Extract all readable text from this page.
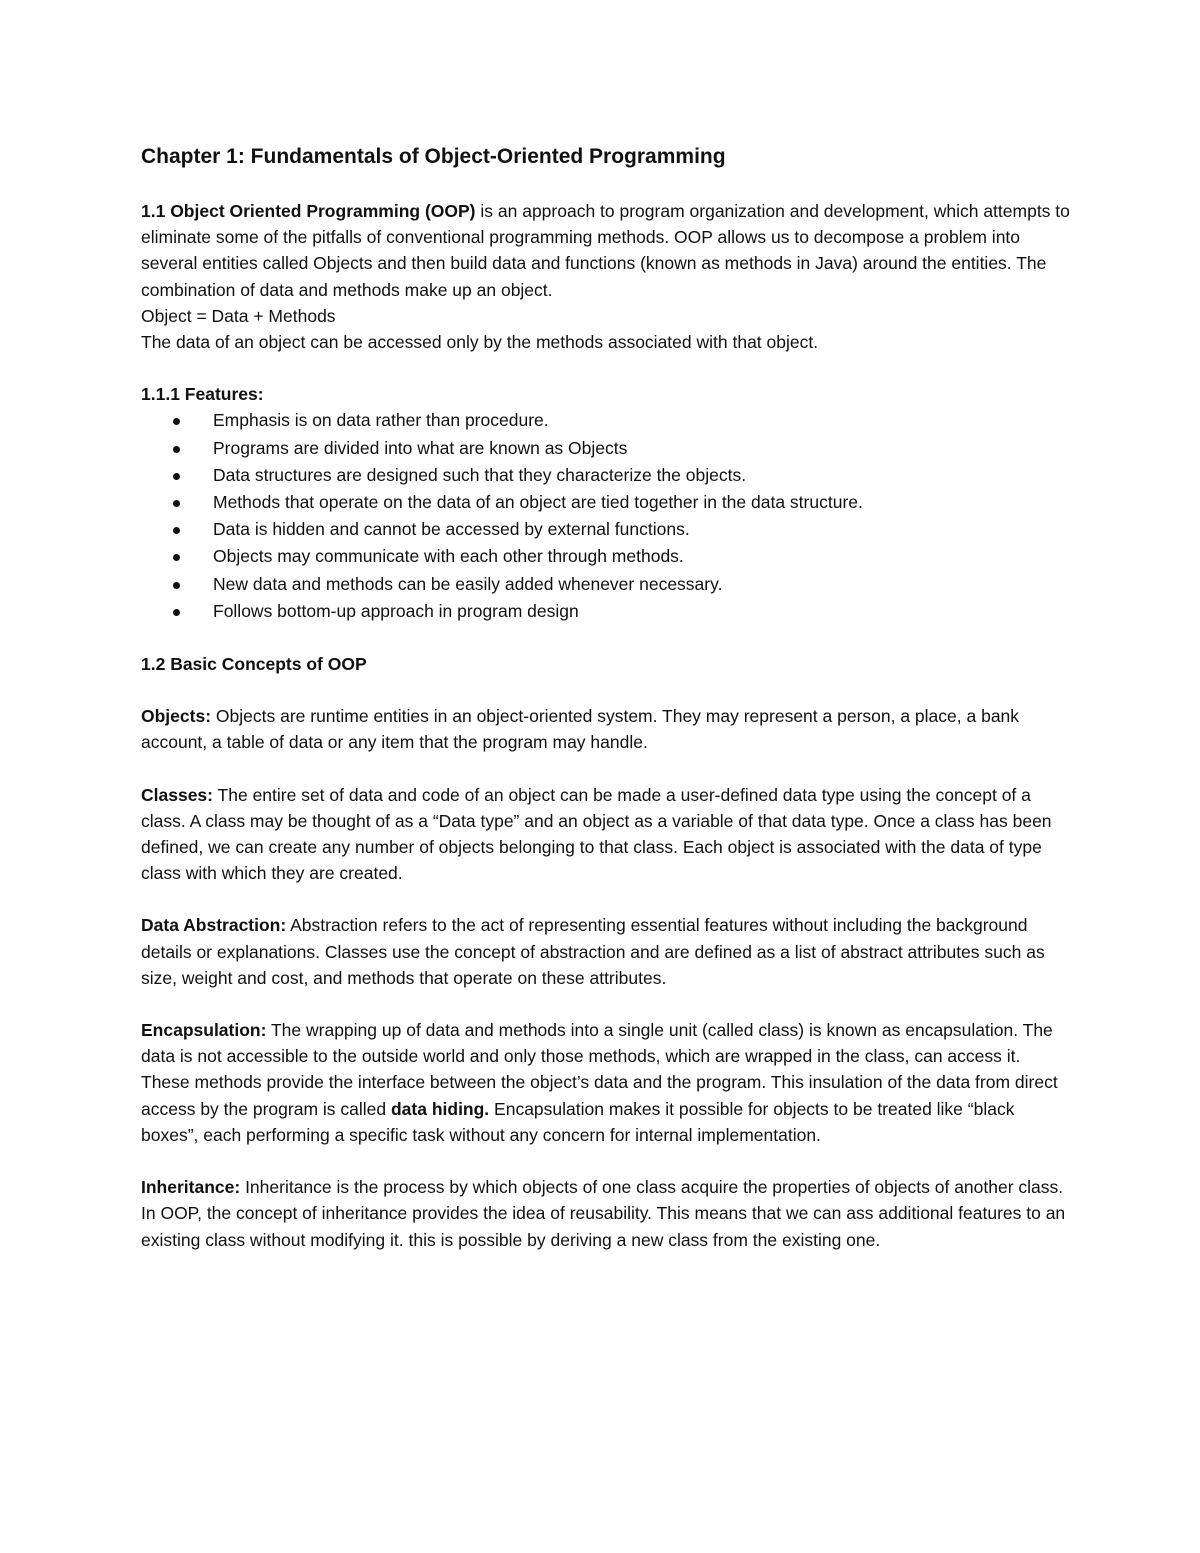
Chapter 1: Fundamentals of Object-Oriented Programming

1.1 Object Oriented Programming (OOP) is an approach to program organization and development, which attempts to eliminate some of the pitfalls of conventional programming methods. OOP allows us to decompose a problem into several entities called Objects and then build data and functions (known as methods in Java) around the entities. The combination of data and methods make up an object.

Object = Data + Methods

The data of an object can be accessed only by the methods associated with that object.

1.1.1 Features:

Emphasis is on data rather than procedure.
Programs are divided into what are known as Objects
Data structures are designed such that they characterize the objects.
Methods that operate on the data of an object are tied together in the data structure.
Data is hidden and cannot be accessed by external functions.
Objects may communicate with each other through methods.
New data and methods can be easily added whenever necessary.
Follows bottom-up approach in program design

1.2 Basic Concepts of OOP

Objects: Objects are runtime entities in an object-oriented system. They may represent a person, a place, a bank account, a table of data or any item that the program may handle.

Classes: The entire set of data and code of an object can be made a user-defined data type using the concept of a class. A class may be thought of as a “Data type” and an object as a variable of that data type. Once a class has been defined, we can create any number of objects belonging to that class. Each object is associated with the data of type class with which they are created.

Data Abstraction: Abstraction refers to the act of representing essential features without including the background details or explanations. Classes use the concept of abstraction and are defined as a list of abstract attributes such as size, weight and cost, and methods that operate on these attributes.

Encapsulation: The wrapping up of data and methods into a single unit (called class) is known as encapsulation. The data is not accessible to the outside world and only those methods, which are wrapped in the class, can access it. These methods provide the interface between the object’s data and the program. This insulation of the data from direct access by the program is called data hiding. Encapsulation makes it possible for objects to be treated like “black boxes”, each performing a specific task without any concern for internal implementation.

Inheritance: Inheritance is the process by which objects of one class acquire the properties of objects of another class. In OOP, the concept of inheritance provides the idea of reusability. This means that we can ass additional features to an existing class without modifying it. this is possible by deriving a new class from the existing one.
